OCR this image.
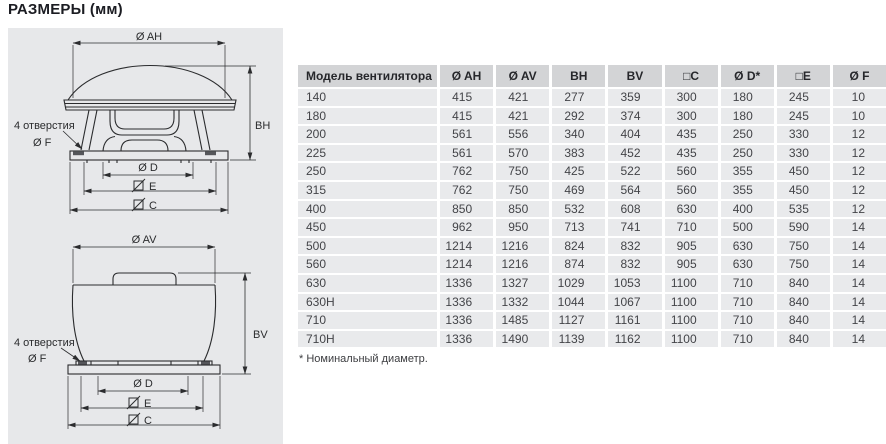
РАЗМЕРЫ (мм)
Ø AH
BH
Ø D
E
C
4 отверстия
Ø F
Ø AV
BV
Ø D
E
C
4 отверстия
Ø F
Модель вентилятора	Ø AH	Ø AV	BH	BV	□C	Ø D*	□E	Ø F
140	415	421	277	359	300	180	245	10
180	415	421	292	374	300	180	245	10
200	561	556	340	404	435	250	330	12
225	561	570	383	452	435	250	330	12
250	762	750	425	522	560	355	450	12
315	762	750	469	564	560	355	450	12
400	850	850	532	608	630	400	535	12
450	962	950	713	741	710	500	590	14
500	1214	1216	824	832	905	630	750	14
560	1214	1216	874	832	905	630	750	14
630	1336	1327	1029	1053	1100	710	840	14
630H	1336	1332	1044	1067	1100	710	840	14
710	1336	1485	1127	1161	1100	710	840	14
710H	1336	1490	1139	1162	1100	710	840	14
* Номинальный диаметр.
